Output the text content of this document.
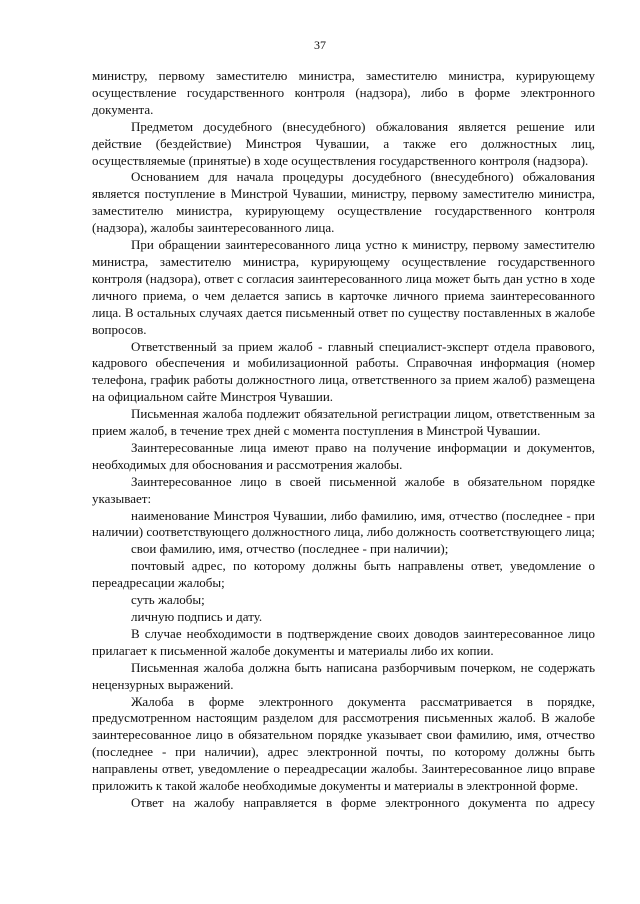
37

министру, первому заместителю министра, заместителю министра, курирующему осуществление государственного контроля (надзора), либо в форме электронного документа.

Предметом досудебного (внесудебного) обжалования является решение или действие (бездействие) Минстроя Чувашии, а также его должностных лиц, осуществляемые (принятые) в ходе осуществления государственного контроля (надзора).

Основанием для начала процедуры досудебного (внесудебного) обжалования является поступление в Минстрой Чувашии, министру, первому заместителю министра, заместителю министра, курирующему осуществление государственного контроля (надзора), жалобы заинтересованного лица.

При обращении заинтересованного лица устно к министру, первому заместителю министра, заместителю министра, курирующему осуществление государственного контроля (надзора), ответ с согласия заинтересованного лица может быть дан устно в ходе личного приема, о чем делается запись в карточке личного приема заинтересованного лица. В остальных случаях дается письменный ответ по существу поставленных в жалобе вопросов.

Ответственный за прием жалоб - главный специалист-эксперт отдела правового, кадрового обеспечения и мобилизационной работы. Справочная информация (номер телефона, график работы должностного лица, ответственного за прием жалоб) размещена на официальном сайте Минстроя Чувашии.

Письменная жалоба подлежит обязательной регистрации лицом, ответственным за прием жалоб, в течение трех дней с момента поступления в Минстрой Чувашии.

Заинтересованные лица имеют право на получение информации и документов, необходимых для обоснования и рассмотрения жалобы.

Заинтересованное лицо в своей письменной жалобе в обязательном порядке указывает:

наименование Минстроя Чувашии, либо фамилию, имя, отчество (последнее - при наличии) соответствующего должностного лица, либо должность соответствующего лица;

свои фамилию, имя, отчество (последнее - при наличии);

почтовый адрес, по которому должны быть направлены ответ, уведомление о переадресации жалобы;

суть жалобы;

личную подпись и дату.

В случае необходимости в подтверждение своих доводов заинтересованное лицо прилагает к письменной жалобе документы и материалы либо их копии.

Письменная жалоба должна быть написана разборчивым почерком, не содержать нецензурных выражений.

Жалоба в форме электронного документа рассматривается в порядке, предусмотренном настоящим разделом для рассмотрения письменных жалоб. В жалобе заинтересованное лицо в обязательном порядке указывает свои фамилию, имя, отчество (последнее - при наличии), адрес электронной почты, по которому должны быть направлены ответ, уведомление о переадресации жалобы. Заинтересованное лицо вправе приложить к такой жалобе необходимые документы и материалы в электронной форме.

Ответ на жалобу направляется в форме электронного документа по адресу
